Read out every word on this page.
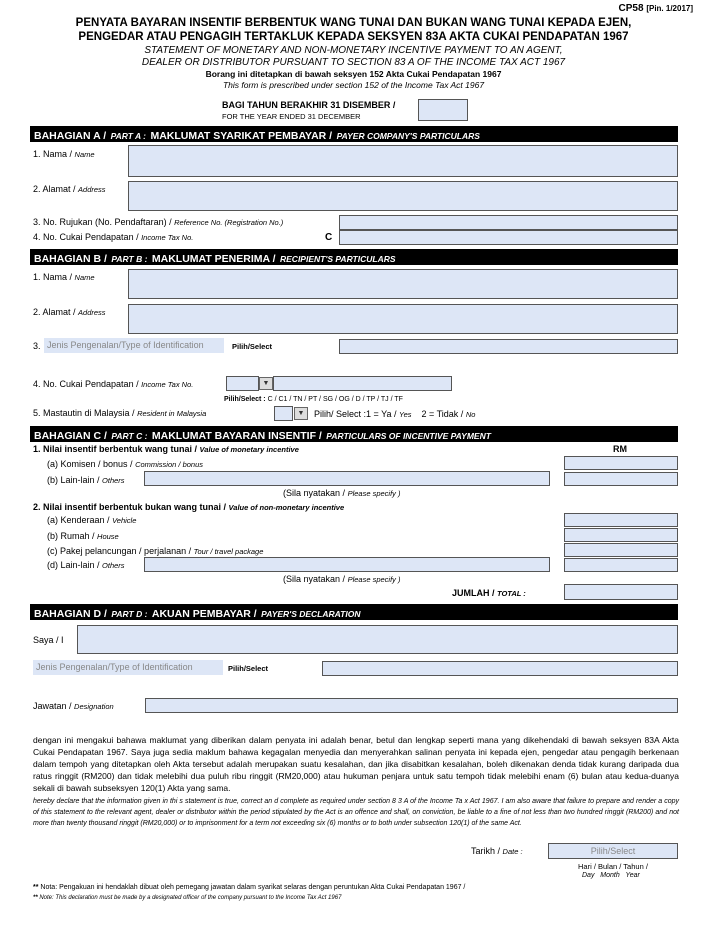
CP58 [Pin. 1/2017]
PENYATA BAYARAN INSENTIF BERBENTUK WANG TUNAI DAN BUKAN WANG TUNAI KEPADA EJEN,
PENGEDAR ATAU PENGAGIH TERTAKLUK KEPADA SEKSYEN 83A AKTA CUKAI PENDAPATAN 1967
STATEMENT OF MONETARY AND NON-MONETARY INCENTIVE PAYMENT TO AN AGENT,
DEALER OR DISTRIBUTOR PURSUANT TO SECTION 83 A OF THE INCOME TAX ACT 1967
Borang ini ditetapkan di bawah seksyen 152 Akta Cukai Pendapatan 1967
This form is prescribed under section 152 of the Income Tax Act 1967
BAGI TAHUN BERAKHIR 31 DISEMBER /
FOR THE YEAR ENDED 31 DECEMBER
BAHAGIAN A / PART A : MAKLUMAT SYARIKAT PEMBAYAR / PAYER COMPANY'S PARTICULARS
1. Nama / Name
2. Alamat / Address
3. No. Rujukan (No. Pendaftaran) / Reference No. (Registration No.)
4. No. Cukai Pendapatan / Income Tax No.	C
BAHAGIAN B / PART B : MAKLUMAT PENERIMA / RECIPIENT'S PARTICULARS
1. Nama / Name
2. Alamat / Address
3. Jenis Pengenalan/Type of Identification	Pilih/Select
4. No. Cukai Pendapatan / Income Tax No.	▼
Pilih/Select : C / C1 / TN / PT / SG / OG / D / TP / TJ / TF
5. Mastautin di Malaysia / Resident in Malaysia	▼	Pilih/ Select :1 = Ya / Yes 2 = Tidak / No
BAHAGIAN C / PART C : MAKLUMAT BAYARAN INSENTIF / PARTICULARS OF INCENTIVE PAYMENT
RM
1. Nilai insentif berbentuk wang tunai / Value of monetary incentive
(a) Komisen / bonus / Commission / bonus
(b) Lain-lain / Others
(Sila nyatakan / Please specify )
2. Nilai insentif berbentuk bukan wang tunai / Value of non-monetary incentive
(a) Kenderaan / Vehicle
(b) Rumah / House
(c) Pakej pelancungan / perjalanan / Tour / travel package
(d) Lain-lain / Others
(Sila nyatakan / Please specify )
JUMLAH / TOTAL :
BAHAGIAN D / PART D : AKUAN PEMBAYAR / PAYER'S DECLARATION
Saya / I
Jenis Pengenalan/Type of Identification	Pilih/Select
Jawatan / Designation
dengan ini mengakui bahawa maklumat yang diberikan dalam penyata ini adalah benar, betul dan lengkap seperti mana yang dikehendaki di bawah seksyen 83A Akta Cukai Pendapatan 1967. Saya juga sedia maklum bahawa kegagalan menyedia dan menyerahkan salinan penyata ini kepada ejen, pengedar atau pengagih berkenaan dalam tempoh yang ditetapkan oleh Akta tersebut adalah merupakan suatu kesalahan, dan jika disabitkan kesalahan, boleh dikenakan denda tidak kurang daripada dua ratus ringgit (RM200) dan tidak melebihi dua puluh ribu ringgit (RM20,000) atau hukuman penjara untuk satu tempoh tidak melebihi enam (6) bulan atau kedua-duanya sekali di bawah subseksyen 120(1) Akta yang sama.
hereby declare that the information given in thi s statement is true, correct an d complete as required under section 8 3 A of the Income Ta x Act 1967. I am also aware that failure to prepare and render a copy of this statement to the relevant agent, dealer or distributor within the period stipulated by the Act is an offence and shall, on conviction, be liable to a fine of not less than two hundred ringgit (RM200) and not more than twenty thousand ringgit (RM20,000) or to imprisonment for a term not exceeding six (6) months or to both under subsection 120(1) of the same Act.
Tarikh / Date :	Pilih/Select
Hari / Bulan / Tahun /
Day   Month   Year
** Nota: Pengakuan ini hendaklah dibuat oleh pemegang jawatan dalam syarikat selaras dengan peruntukan Akta Cukai Pendapatan 1967 /
** Note: This declaration must be made by a designated officer of the company pursuant to the Income Tax Act 1967
